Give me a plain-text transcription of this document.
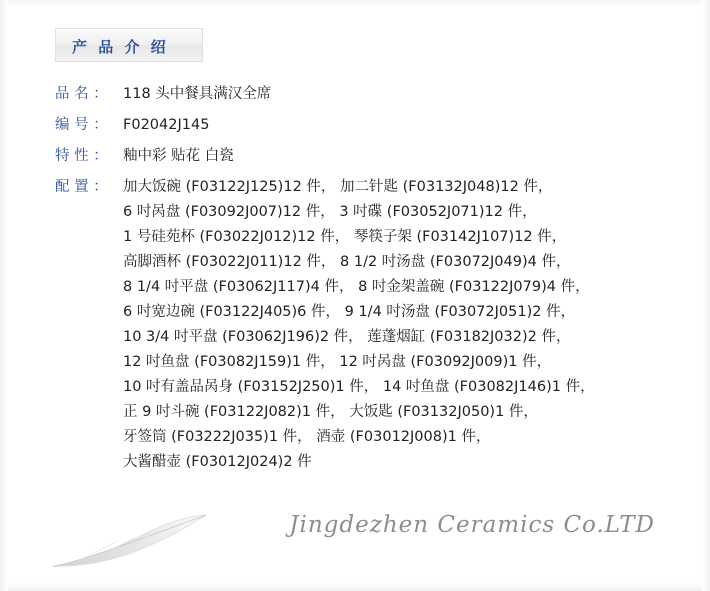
产 品 介 绍
品 名 ：	118 头中餐具满汉全席
编 号 ：	F02042J145
特 性 ：	釉中彩 贴花 白瓷
配 置 ：	加大饭碗 (F03122J125)12 件， 加二针匙 (F03132J048)12 件，
6 吋呙盘 (F03092J007)12 件， 3 吋碟 (F03052J071)12 件，
1 号硅苑杯 (F03022J012)12 件， 琴筷子架 (F03142J107)12 件，
高脚酒杯 (F03022J011)12 件， 8 1/2 吋汤盘 (F03072J049)4 件，
8 1/4 吋平盘 (F03062J117)4 件， 8 吋金架盖碗 (F03122J079)4 件，
6 吋宽边碗 (F03122J405)6 件， 9 1/4 吋汤盘 (F03072J051)2 件，
10 3/4 吋平盘 (F03062J196)2 件， 莲蓬烟缸 (F03182J032)2 件，
12 吋鱼盘 (F03082J159)1 件， 12 吋呙盘 (F03092J009)1 件，
10 吋有盖品呙身 (F03152J250)1 件， 14 吋鱼盘 (F03082J146)1 件，
正 9 吋斗碗 (F03122J082)1 件， 大饭匙 (F03132J050)1 件，
牙签筒 (F03222J035)1 件， 酒壶 (F03012J008)1 件，
大酱醋壶 (F03012J024)2 件
Jingdezhen Ceramics Co.LTD
